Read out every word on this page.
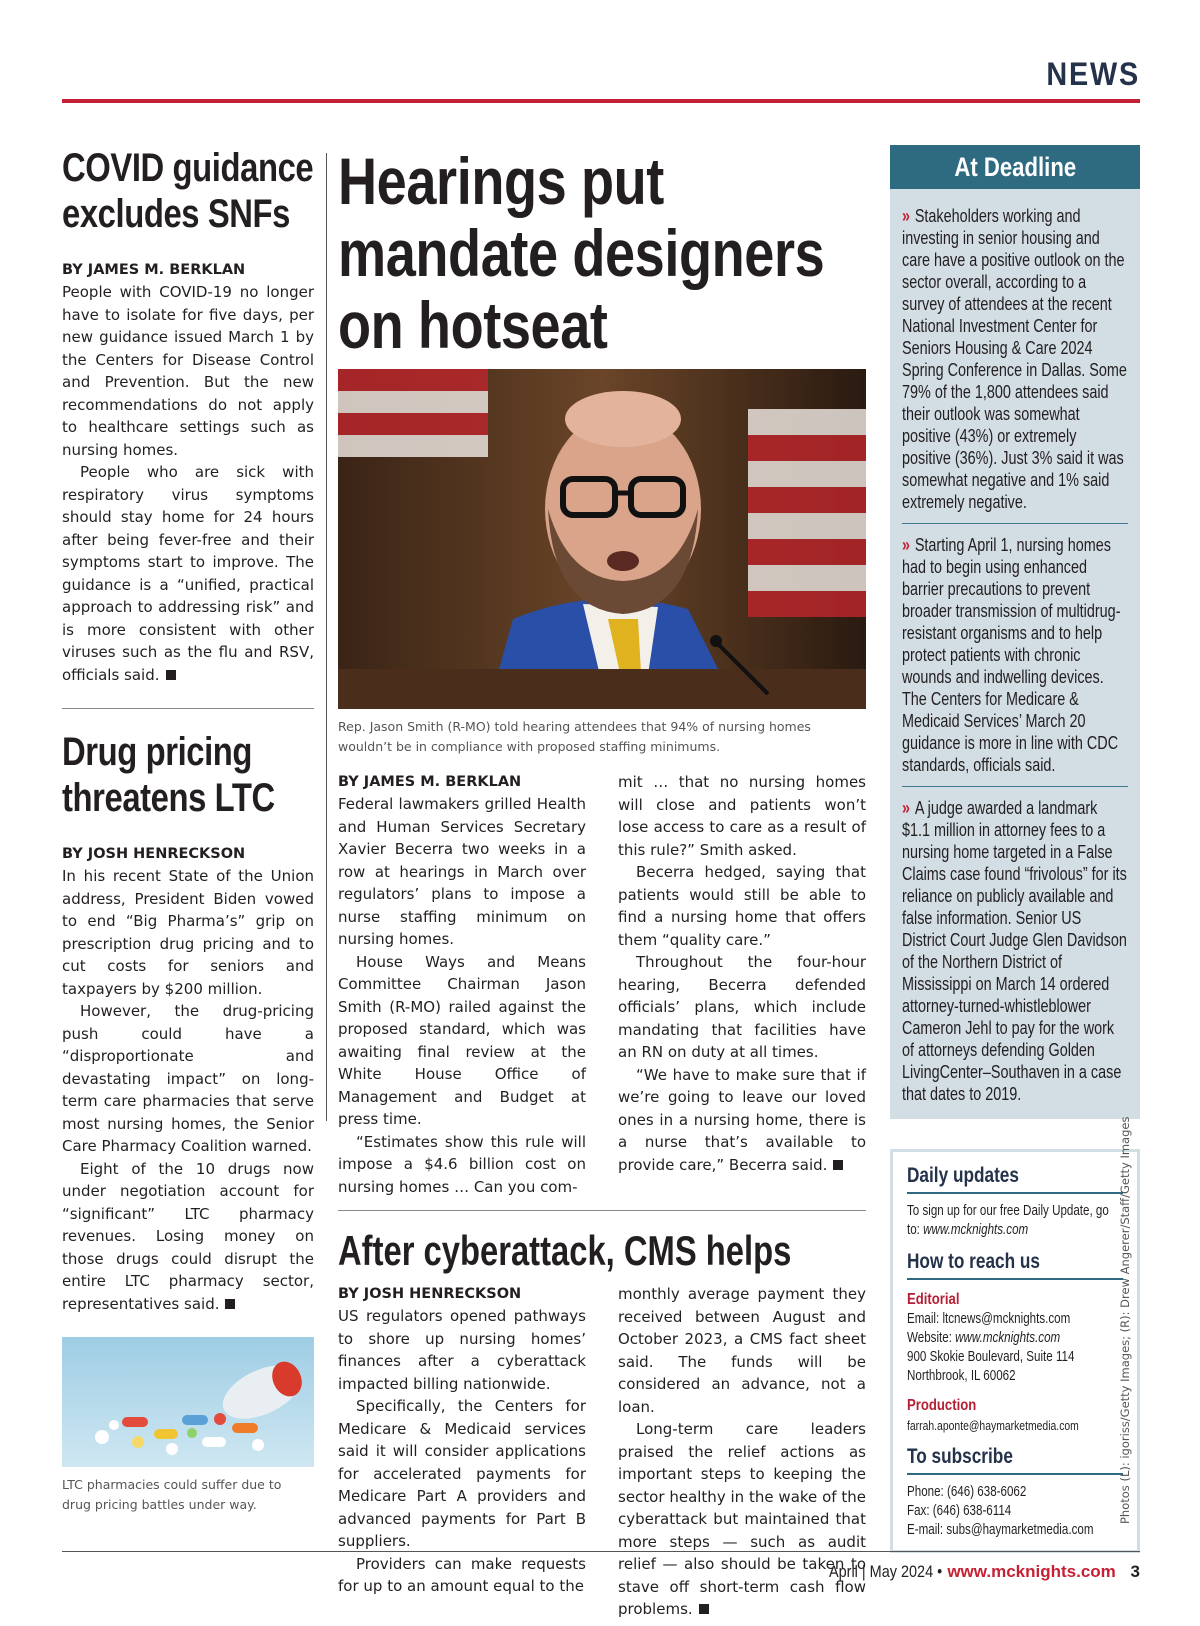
NEWS
COVID guidance excludes SNFs
BY JAMES M. BERKLAN

People with COVID-19 no longer have to isolate for five days, per new guidance issued March 1 by the Centers for Disease Control and Prevention. But the new recommendations do not apply to healthcare settings such as nursing homes.

People who are sick with respiratory virus symptoms should stay home for 24 hours after being fever-free and their symptoms start to improve. The guidance is a “unified, practical approach to addressing risk” and is more consistent with other viruses such as the flu and RSV, officials said.

Drug pricing threatens LTC
BY JOSH HENRECKSON

In his recent State of the Union address, President Biden vowed to end “Big Pharma’s” grip on prescription drug pricing and to cut costs for seniors and taxpayers by $200 million.

However, the drug-pricing push could have a “disproportionate and devastating impact” on long-term care pharmacies that serve most nursing homes, the Senior Care Pharmacy Coalition warned.

Eight of the 10 drugs now under negotiation account for “significant” LTC pharmacy revenues. Losing money on those drugs could disrupt the entire LTC pharmacy sector, representatives said.

LTC pharmacies could suffer due to drug pricing battles under way.
Hearings put mandate designers on hotseat
Rep. Jason Smith (R-MO) told hearing attendees that 94% of nursing homes wouldn’t be in compliance with proposed staffing minimums.
BY JAMES M. BERKLAN

Federal lawmakers grilled Health and Human Services Secretary Xavier Becerra two weeks in a row at hearings in March over regulators’ plans to impose a nurse staffing minimum on nursing homes.

House Ways and Means Committee Chairman Jason Smith (R-MO) railed against the proposed standard, which was awaiting final review at the White House Office of Management and Budget at press time.

“Estimates show this rule will impose a $4.6 billion cost on nursing homes … Can you com-

mit … that no nursing homes will close and patients won’t lose access to care as a result of this rule?” Smith asked.

Becerra hedged, saying that patients would still be able to find a nursing home that offers them “quality care.”

Throughout the four-hour hearing, Becerra defended officials’ plans, which include mandating that facilities have an RN on duty at all times.

“We have to make sure that if we’re going to leave our loved ones in a nursing home, there is a nurse that’s available to provide care,” Becerra said.

After cyberattack, CMS helps
BY JOSH HENRECKSON

US regulators opened pathways to shore up nursing homes’ finances after a cyberattack impacted billing nationwide.

Specifically, the Centers for Medicare & Medicaid services said it will consider applications for accelerated payments for Medicare Part A providers and advanced payments for Part B suppliers.

Providers can make requests for up to an amount equal to the

monthly average payment they received between August and October 2023, a CMS fact sheet said. The funds will be considered an advance, not a loan.

Long-term care leaders praised the relief actions as important steps to keeping the sector healthy in the wake of the cyberattack but maintained that more steps — such as audit relief — also should be taken to stave off short-term cash flow problems.

At Deadline
» Stakeholders working and investing in senior housing and care have a positive outlook on the sector overall, according to a survey of attendees at the recent National Investment Center for Seniors Housing & Care 2024 Spring Conference in Dallas. Some 79% of the 1,800 attendees said their outlook was somewhat positive (43%) or extremely positive (36%). Just 3% said it was somewhat negative and 1% said extremely negative.
» Starting April 1, nursing homes had to begin using enhanced barrier precautions to prevent broader transmission of multidrug-resistant organisms and to help protect patients with chronic wounds and indwelling devices. The Centers for Medicare & Medicaid Services’ March 20 guidance is more in line with CDC standards, officials said.
» A judge awarded a landmark $1.1 million in attorney fees to a nursing home targeted in a False Claims case found “frivolous” for its reliance on publicly available and false information. Senior US District Court Judge Glen Davidson of the Northern District of Mississippi on March 14 ordered attorney-turned-whistleblower Cameron Jehl to pay for the work of attorneys defending Golden LivingCenter–Southaven in a case that dates to 2019.
Daily updates
To sign up for our free Daily Update, go to: www.mcknights.com
How to reach us
Editorial
Email: ltcnews@mcknights.com
Website: www.mcknights.com
900 Skokie Boulevard, Suite 114
Northbrook, IL 60062
Production
farrah.aponte@haymarketmedia.com
To subscribe
Phone: (646) 638-6062
Fax: (646) 638-6114
E-mail: subs@haymarketmedia.com
Photos (L): igoriss/Getty Images; (R): Drew Angerer/Staff/Getty Images
April | May 2024 • www.mcknights.com 3
